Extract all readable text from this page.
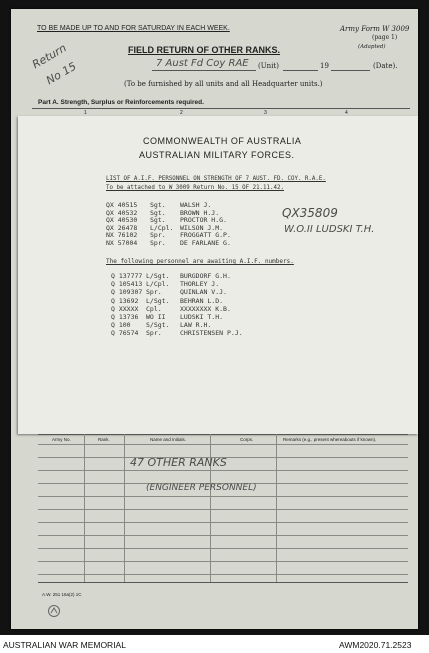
TO BE MADE UP TO AND FOR SATURDAY IN EACH WEEK.	Army Form W 3009
(page 1)
(Adapted)
FIELD RETURN OF OTHER RANKS.
Return
No 15	7 Aust Fd Coy RAE (Unit)	19	(Date).
(To be furnished by all units and all Headquarter units.)
Part A. Strength, Surplus or Reinforcements required.
1	2	3	4
COMMONWEALTH OF AUSTRALIA
AUSTRALIAN MILITARY FORCES.
LIST OF A.I.F. PERSONNEL ON STRENGTH OF 7 AUST. FD. COY. R.A.E.
To be attached to W 3009 Return No. 15 OF 21.11.42.
QX 40515 Sgt. WALSH J.
QX 40532 Sgt. BROWN H.J.
QX 40530 Sgt. PROCTOR H.G.
QX 26478 L/Cpl. WILSON J.M.
NX 76102 Spr. FROGGATT G.P.
NX 57004 Spr. DE FARLANE G.
QX35809
W.O.II LUDSKI T.H.
The following personnel are awaiting A.I.F. numbers.
Q 137777 L/Sgt. BURGDORF G.H.
Q 105413 L/Cpl. THORLEY J.
Q 109307 Spr.	QUINLAN V.J.
Q 13692 L/Sgt. BEHRAN L.D.
Q XXXXX Cpl.	XXXXXXXX K.B.
Q 13736 WO II LUDSKI T.H.
Q 100 S/Sgt. LAW R.H.
Q 76574 Spr.	CHRISTENSEN P.J.
Army No.	Rank.	Name and Initials.	Corps.	Remarks (e.g., present whereabouts if known).
47 OTHER RANKS
(ENGINEER PERSONNEL)
A.W. 251 16a(2) 1C
AUSTRALIAN WAR MEMORIAL	AWM2020.71.2523
